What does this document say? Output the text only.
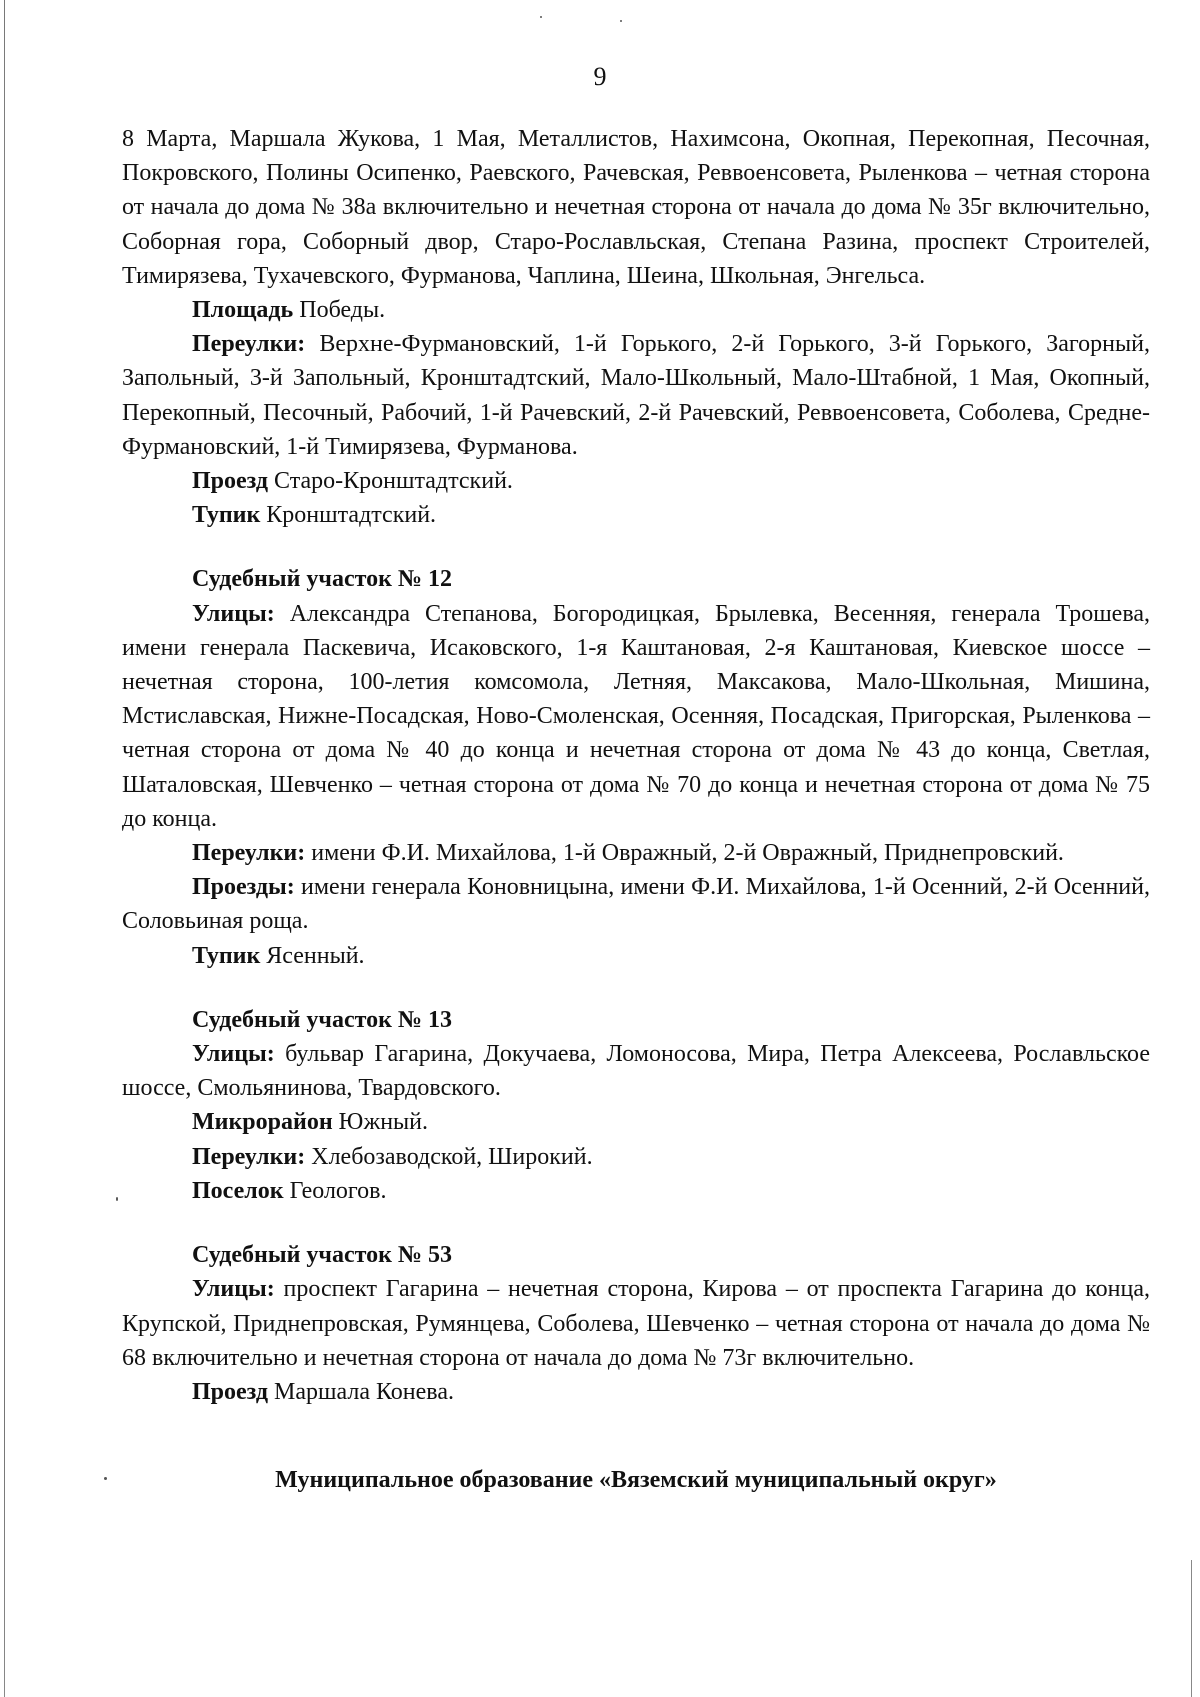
9

8 Марта, Маршала Жукова, 1 Мая, Металлистов, Нахимсона, Окопная, Перекопная, Песочная, Покровского, Полины Осипенко, Раевского, Рачевская, Реввоенсовета, Рыленкова – четная сторона от начала до дома № 38а включительно и нечетная сторона от начала до дома № 35г включительно, Соборная гора, Соборный двор, Старо-Рославльская, Степана Разина, проспект Строителей, Тимирязева, Тухачевского, Фурманова, Чаплина, Шеина, Школьная, Энгельса.

Площадь Победы.

Переулки: Верхне-Фурмановский, 1-й Горького, 2-й Горького, 3-й Горького, Загорный, Запольный, 3-й Запольный, Кронштадтский, Мало-Школьный, Мало-Штабной, 1 Мая, Окопный, Перекопный, Песочный, Рабочий, 1-й Рачевский, 2-й Рачевский, Реввоенсовета, Соболева, Средне-Фурмановский, 1-й Тимирязева, Фурманова.

Проезд Старо-Кронштадтский.

Тупик Кронштадтский.

Судебный участок № 12

Улицы: Александра Степанова, Богородицкая, Брылевка, Весенняя, генерала Трошева, имени генерала Паскевича, Исаковского, 1-я Каштановая, 2-я Каштановая, Киевское шоссе – нечетная сторона, 100-летия комсомола, Летняя, Максакова, Мало-Школьная, Мишина, Мстиславская, Нижне-Посадская, Ново-Смоленская, Осенняя, Посадская, Пригорская, Рыленкова – четная сторона от дома № 40 до конца и нечетная сторона от дома № 43 до конца, Светлая, Шаталовская, Шевченко – четная сторона от дома № 70 до конца и нечетная сторона от дома № 75 до конца.

Переулки: имени Ф.И. Михайлова, 1-й Овражный, 2-й Овражный, Приднепровский.

Проезды: имени генерала Коновницына, имени Ф.И. Михайлова, 1-й Осенний, 2-й Осенний, Соловьиная роща.

Тупик Ясенный.

Судебный участок № 13

Улицы: бульвар Гагарина, Докучаева, Ломоносова, Мира, Петра Алексеева, Рославльское шоссе, Смольянинова, Твардовского.

Микрорайон Южный.

Переулки: Хлебозаводской, Широкий.

Поселок Геологов.

Судебный участок № 53

Улицы: проспект Гагарина – нечетная сторона, Кирова – от проспекта Гагарина до конца, Крупской, Приднепровская, Румянцева, Соболева, Шевченко – четная сторона от начала до дома № 68 включительно и нечетная сторона от начала до дома № 73г включительно.

Проезд Маршала Конева.

Муниципальное образование «Вяземский муниципальный округ»
